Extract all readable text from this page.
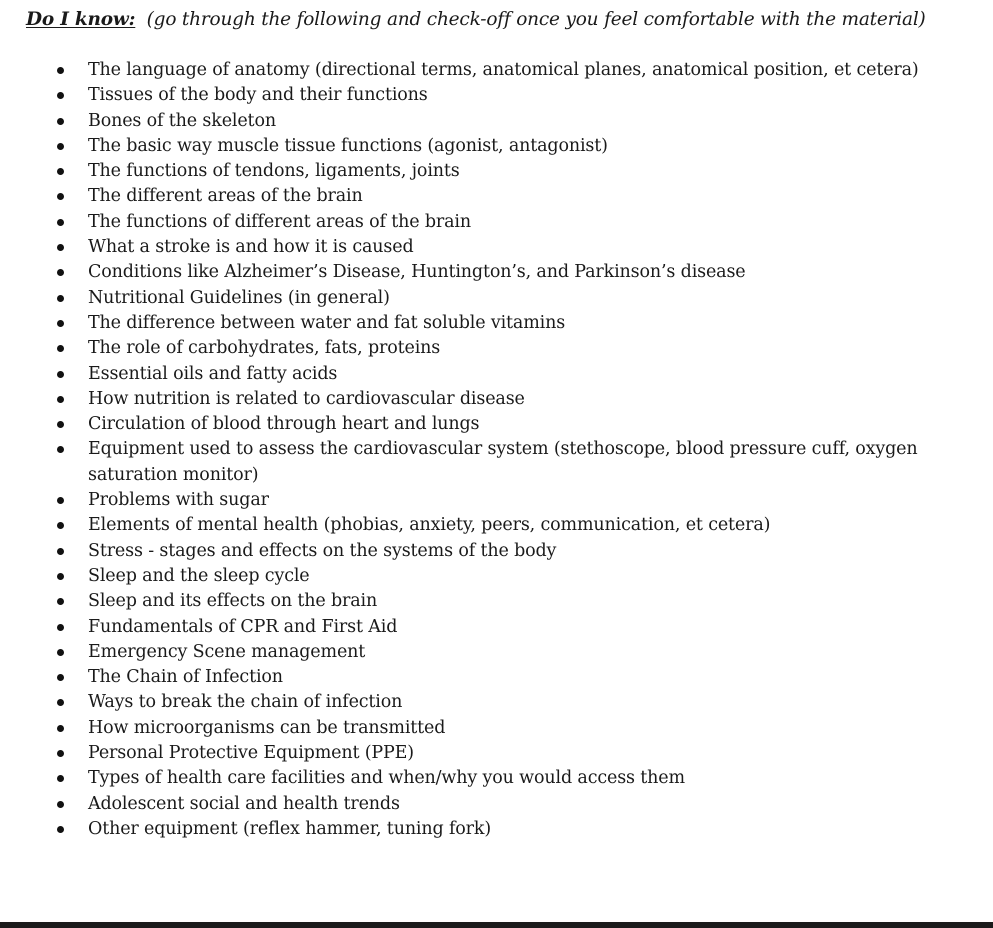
Do I know: (go through the following and check-off once you feel comfortable with the material)
The language of anatomy (directional terms, anatomical planes, anatomical position, et cetera)
Tissues of the body and their functions
Bones of the skeleton
The basic way muscle tissue functions (agonist, antagonist)
The functions of tendons, ligaments, joints
The different areas of the brain
The functions of different areas of the brain
What a stroke is and how it is caused
Conditions like Alzheimer’s Disease, Huntington’s, and Parkinson’s disease
Nutritional Guidelines (in general)
The difference between water and fat soluble vitamins
The role of carbohydrates, fats, proteins
Essential oils and fatty acids
How nutrition is related to cardiovascular disease
Circulation of blood through heart and lungs
Equipment used to assess the cardiovascular system (stethoscope, blood pressure cuff, oxygen saturation monitor)
Problems with sugar
Elements of mental health (phobias, anxiety, peers, communication, et cetera)
Stress - stages and effects on the systems of the body
Sleep and the sleep cycle
Sleep and its effects on the brain
Fundamentals of CPR and First Aid
Emergency Scene management
The Chain of Infection
Ways to break the chain of infection
How microorganisms can be transmitted
Personal Protective Equipment (PPE)
Types of health care facilities and when/why you would access them
Adolescent social and health trends
Other equipment (reflex hammer, tuning fork)
